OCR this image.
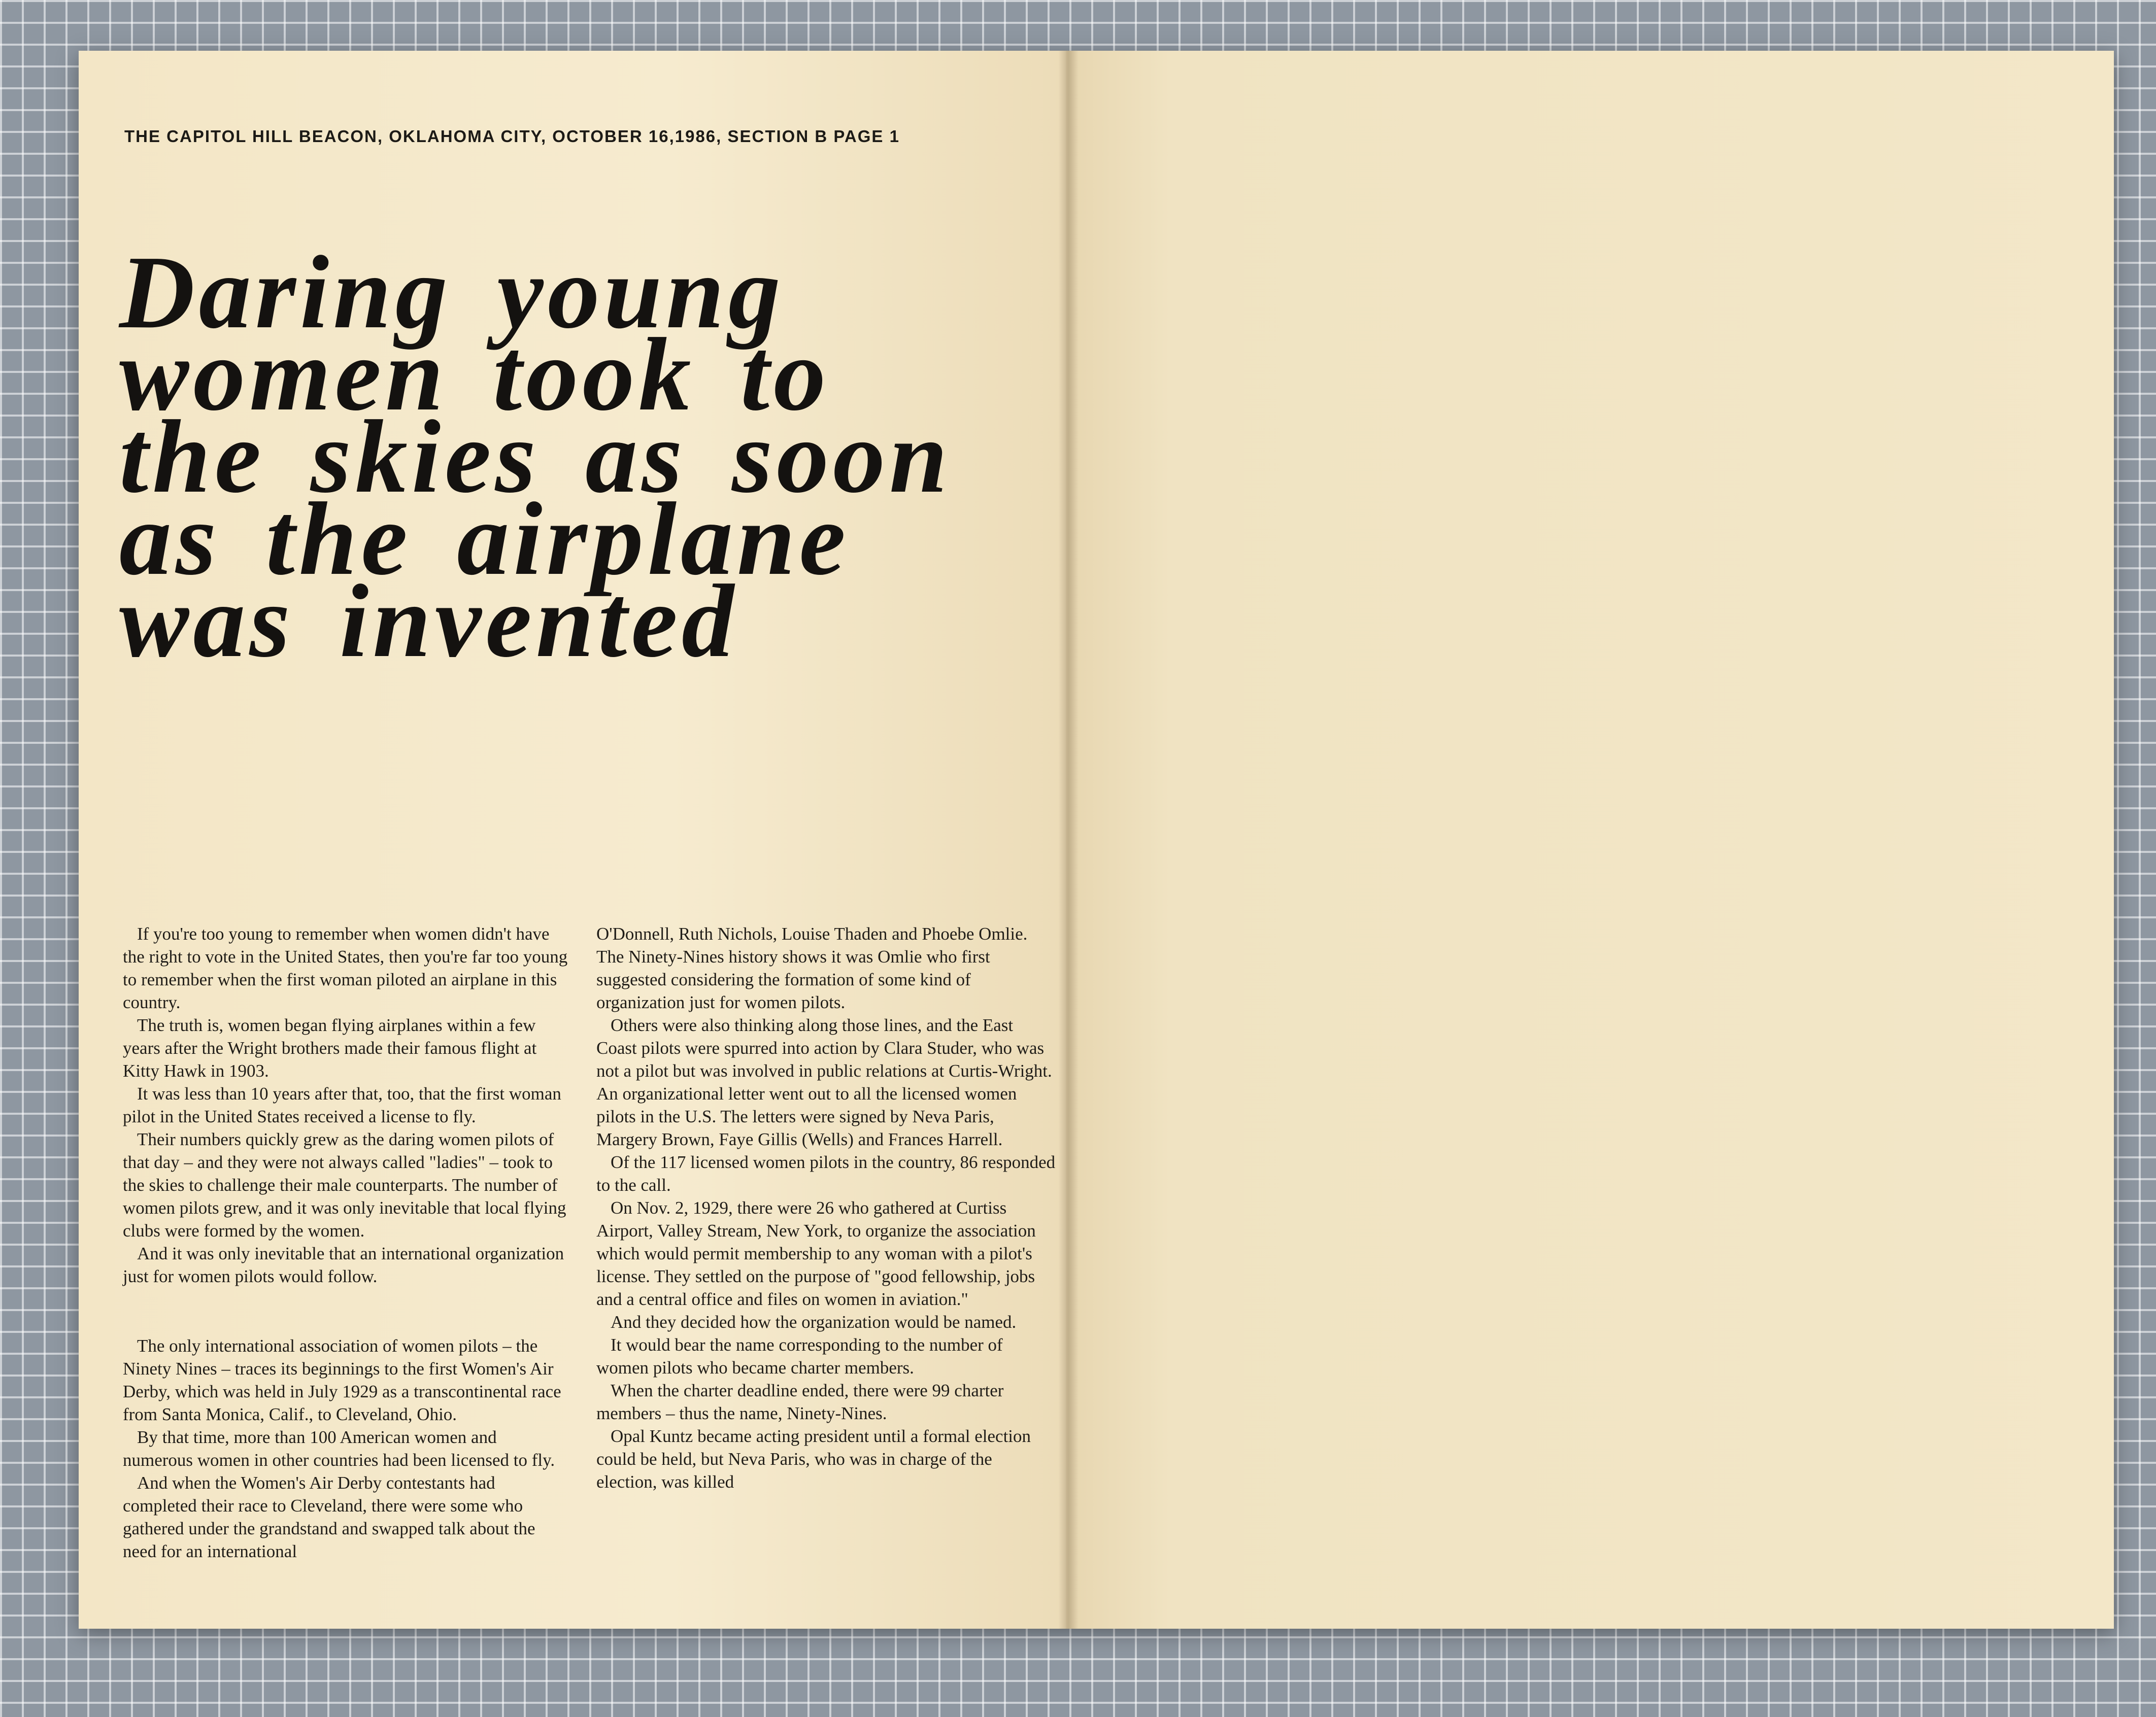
THE CAPITOL HILL BEACON, OKLAHOMA CITY, OCTOBER 16,1986, SECTION B PAGE 1
Daring young
women took to
the skies as soon
as the airplane
was invented

If you're too young to remember when women didn't have the right to vote in the United States, then you're far too young to remember when the first woman piloted an airplane in this country.

The truth is, women began flying airplanes within a few years after the Wright brothers made their famous flight at Kitty Hawk in 1903.

It was less than 10 years after that, too, that the first woman pilot in the United States received a license to fly.

Their numbers quickly grew as the daring women pilots of that day – and they were not always called "ladies" – took to the skies to challenge their male counterparts. The number of women pilots grew, and it was only inevitable that local flying clubs were formed by the women.

And it was only inevitable that an international organization just for women pilots would follow.

The only international association of women pilots – the Ninety Nines – traces its beginnings to the first Women's Air Derby, which was held in July 1929 as a transcontinental race from Santa Monica, Calif., to Cleveland, Ohio.

By that time, more than 100 American women and numerous women in other countries had been licensed to fly.

And when the Women's Air Derby contestants had completed their race to Cleveland, there were some who gathered under the grandstand and swapped talk about the need for an international

O'Donnell, Ruth Nichols, Louise Thaden and Phoebe Omlie. The Ninety-Nines history shows it was Omlie who first suggested considering the formation of some kind of organization just for women pilots.

Others were also thinking along those lines, and the East Coast pilots were spurred into action by Clara Studer, who was not a pilot but was involved in public relations at Curtis-Wright. An organizational letter went out to all the licensed women pilots in the U.S. The letters were signed by Neva Paris, Margery Brown, Faye Gillis (Wells) and Frances Harrell.

Of the 117 licensed women pilots in the country, 86 responded to the call.

On Nov. 2, 1929, there were 26 who gathered at Curtiss Airport, Valley Stream, New York, to organize the association which would permit membership to any woman with a pilot's license. They settled on the purpose of "good fellowship, jobs and a central office and files on women in aviation."

And they decided how the organization would be named.

It would bear the name corresponding to the number of women pilots who became charter members.

When the charter deadline ended, there were 99 charter members – thus the name, Ninety-Nines.

Opal Kuntz became acting president until a formal election could be held, but Neva Paris, who was in charge of the election, was killed
